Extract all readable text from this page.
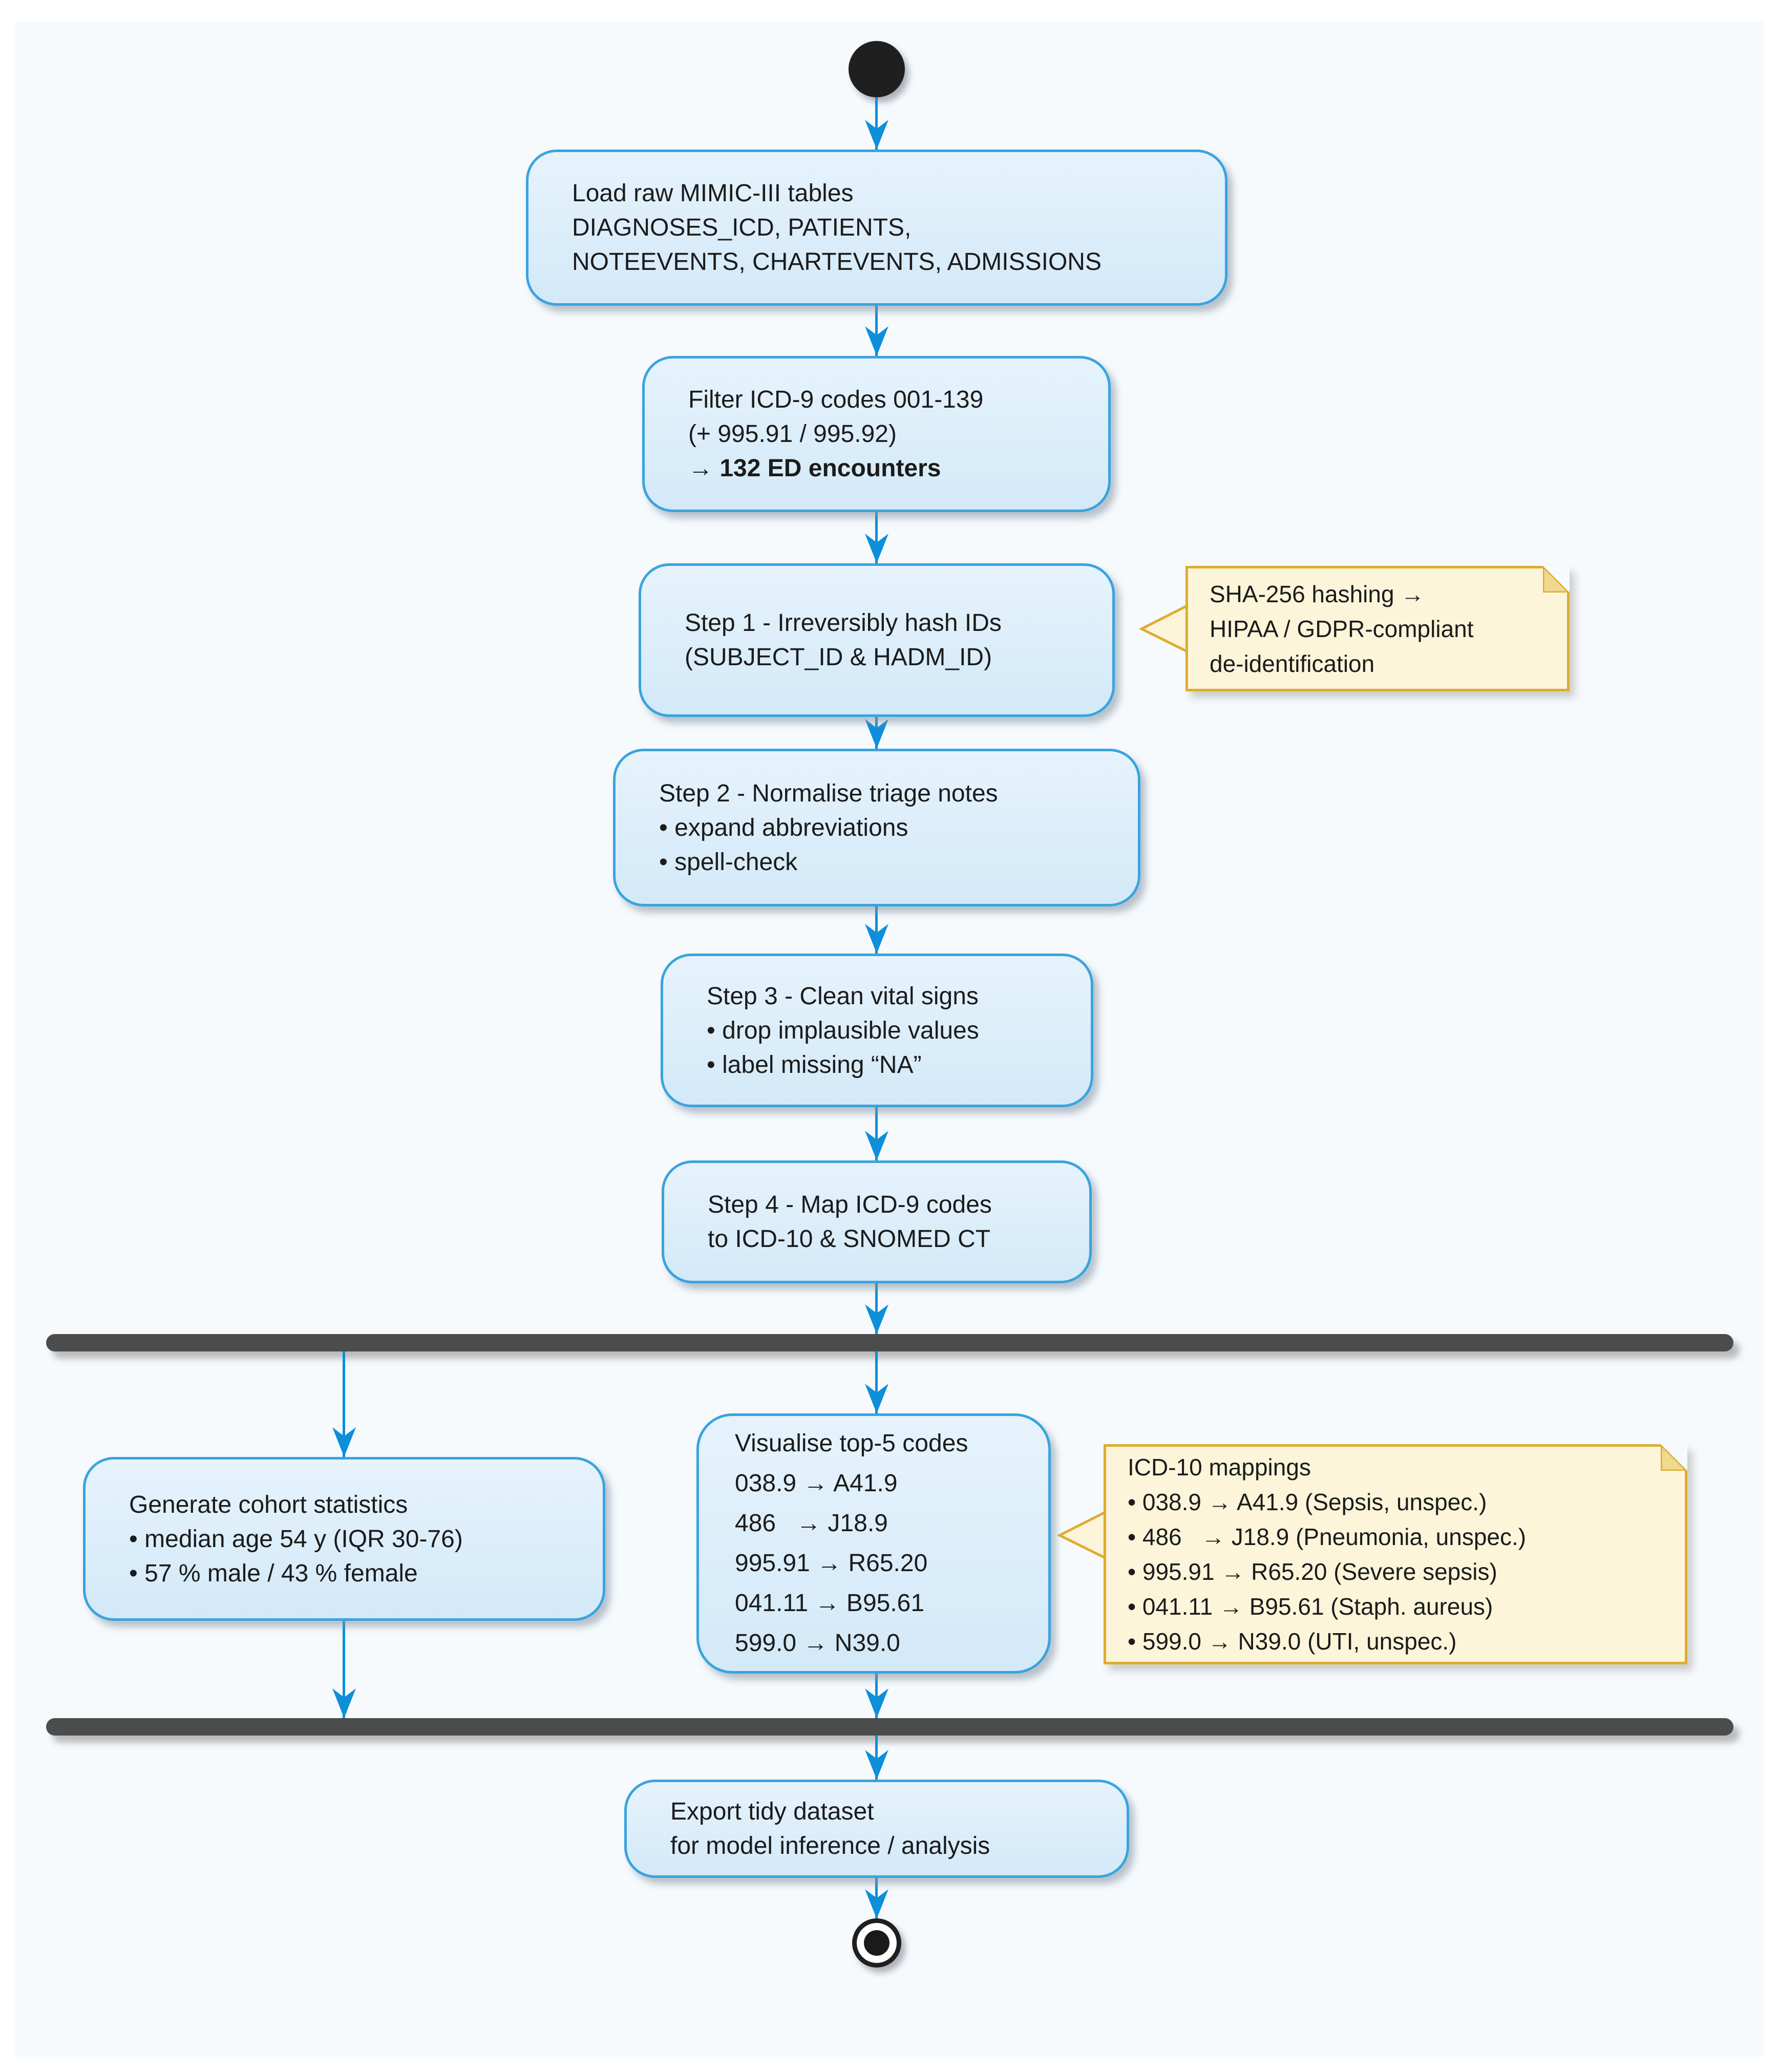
Load raw MIMIC-III tables
DIAGNOSES_ICD, PATIENTS,
NOTEEVENTS, CHARTEVENTS, ADMISSIONS
Filter ICD-9 codes 001-139
(+ 995.91 / 995.92)
→ 132 ED encounters
Step 1 - Irreversibly hash IDs
(SUBJECT_ID & HADM_ID)
SHA-256 hashing →
HIPAA / GDPR-compliant
de-identification
Step 2 - Normalise triage notes
• expand abbreviations
• spell-check
Step 3 - Clean vital signs
• drop implausible values
• label missing “NA”
Step 4 - Map ICD-9 codes
to ICD-10 & SNOMED CT
Generate cohort statistics
• median age 54 y (IQR 30-76)
• 57 % male / 43 % female
Visualise top-5 codes
038.9 → A41.9
486   → J18.9
995.91 → R65.20
041.11 → B95.61
599.0 → N39.0
ICD-10 mappings
• 038.9 → A41.9 (Sepsis, unspec.)
• 486   → J18.9 (Pneumonia, unspec.)
• 995.91 → R65.20 (Severe sepsis)
• 041.11 → B95.61 (Staph. aureus)
• 599.0 → N39.0 (UTI, unspec.)
Export tidy dataset
for model inference / analysis
